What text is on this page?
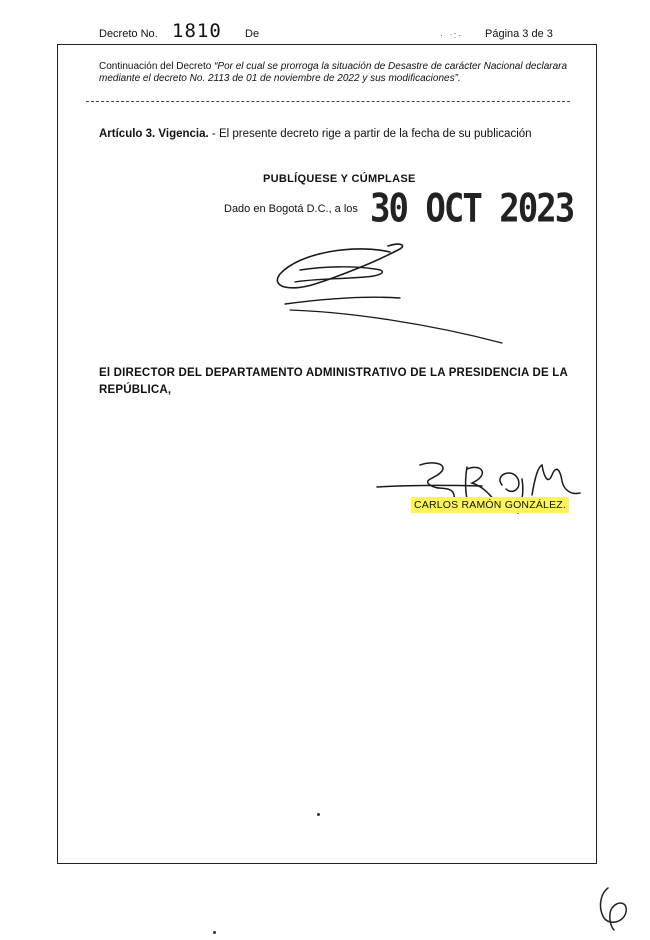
Decreto No. 1810 De	· ᐧ:· Página 3 de 3
Continuación del Decreto “Por el cual se prorroga la situación de Desastre de carácter Nacional declarara mediante el decreto No. 2113 de 01 de noviembre de 2022 y sus modificaciones”.
Artículo 3. Vigencia. - El presente decreto rige a partir de la fecha de su publicación
PUBLÍQUESE Y CÚMPLASE
Dado en Bogotá D.C., a los 30 OCT 2023
El DIRECTOR DEL DEPARTAMENTO ADMINISTRATIVO DE LA PRESIDENCIA DE LA REPÚBLICA,
CARLOS RAMÓN GONZÁLEZ.
